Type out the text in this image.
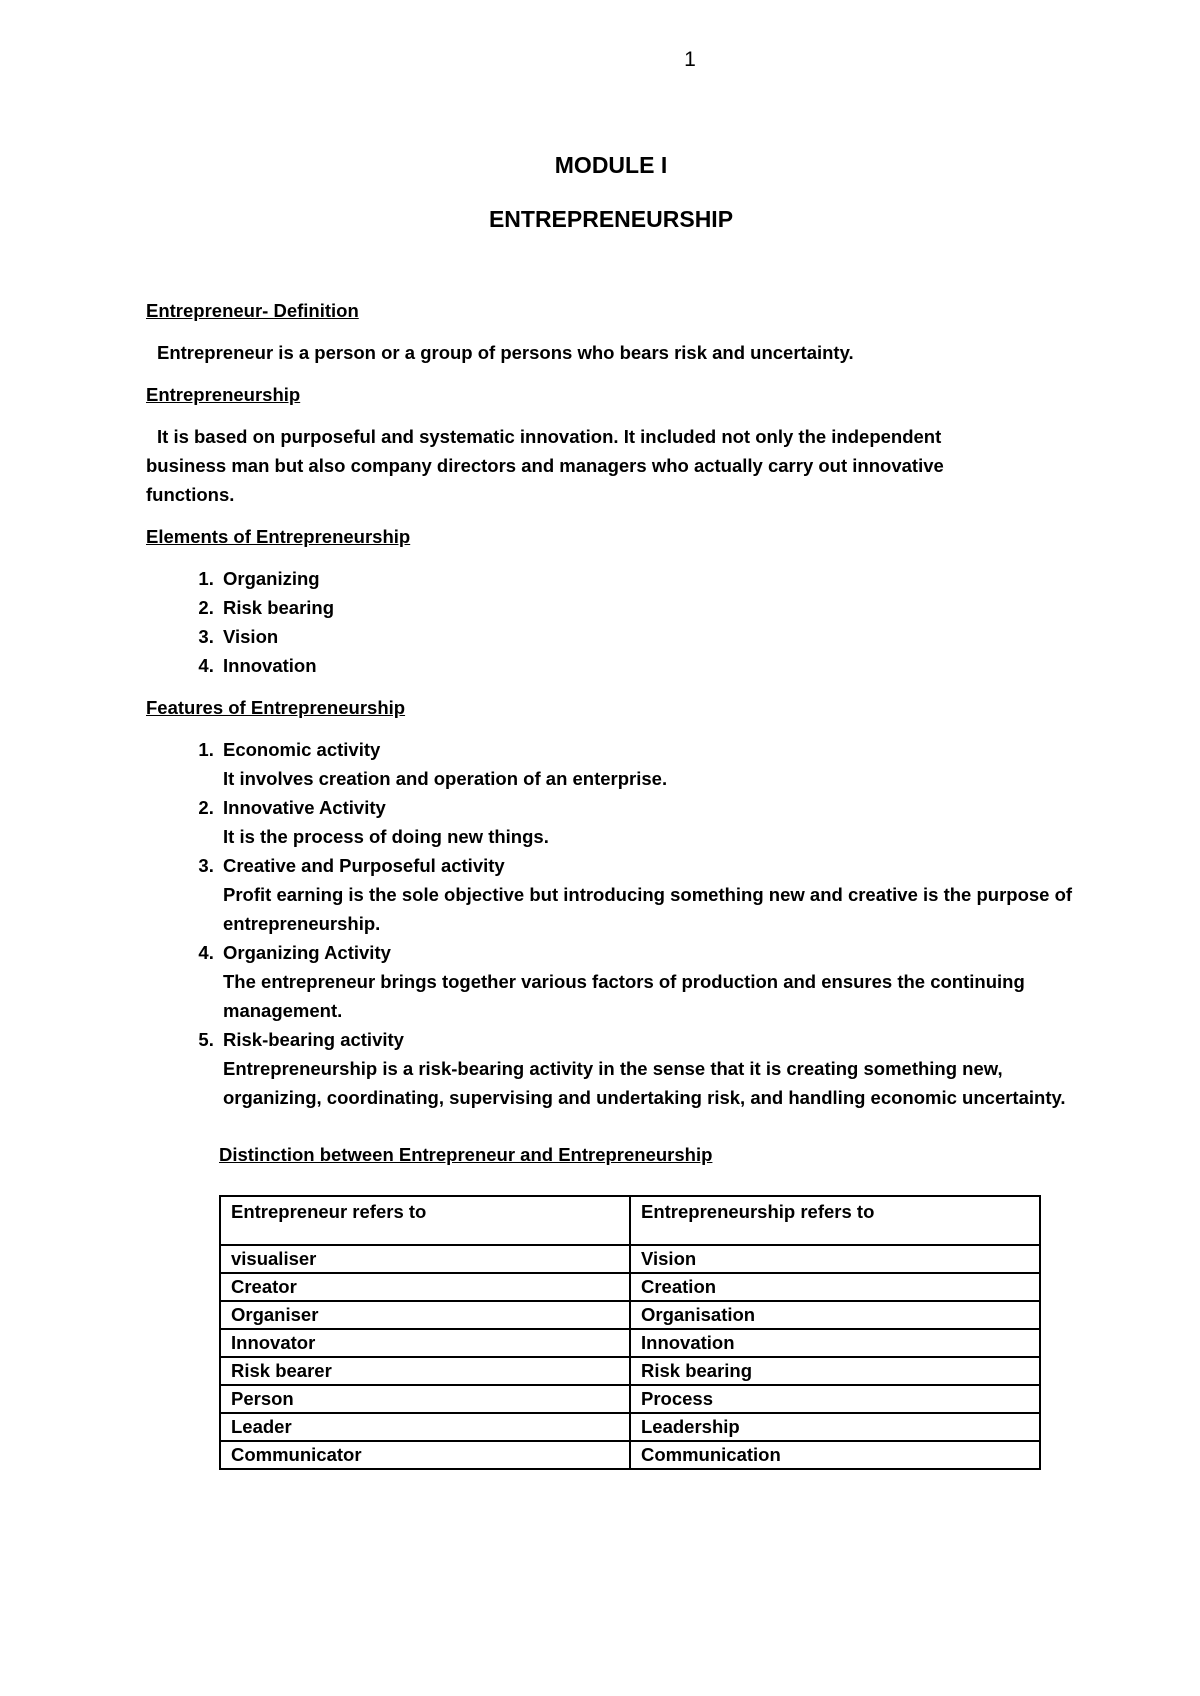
1
MODULE I
ENTREPRENEURSHIP

Entrepreneur- Definition

Entrepreneur is a person or a group of persons who bears risk and uncertainty.

Entrepreneurship

It is based on purposeful and systematic innovation. It included not only the independent business man but also company directors and managers who actually carry out innovative functions.

Elements of Entrepreneurship

1. Organizing
2. Risk bearing
3. Vision
4. Innovation

Features of Entrepreneurship

1. Economic activity
It involves creation and operation of an enterprise.
2. Innovative Activity
It is the process of doing new things.
3. Creative and Purposeful activity
Profit earning is the sole objective but introducing something new and creative is the purpose of entrepreneurship.
4. Organizing Activity
The entrepreneur brings together various factors of production and ensures the continuing management.
5. Risk-bearing activity
Entrepreneurship is a risk-bearing activity in the sense that it is creating something new, organizing, coordinating, supervising and undertaking risk, and handling economic uncertainty.

Distinction between Entrepreneur and Entrepreneurship

Entrepreneur refers to	Entrepreneurship refers to
visualiser	Vision
Creator	Creation
Organiser	Organisation
Innovator	Innovation
Risk bearer	Risk bearing
Person	Process
Leader	Leadership
Communicator	Communication
